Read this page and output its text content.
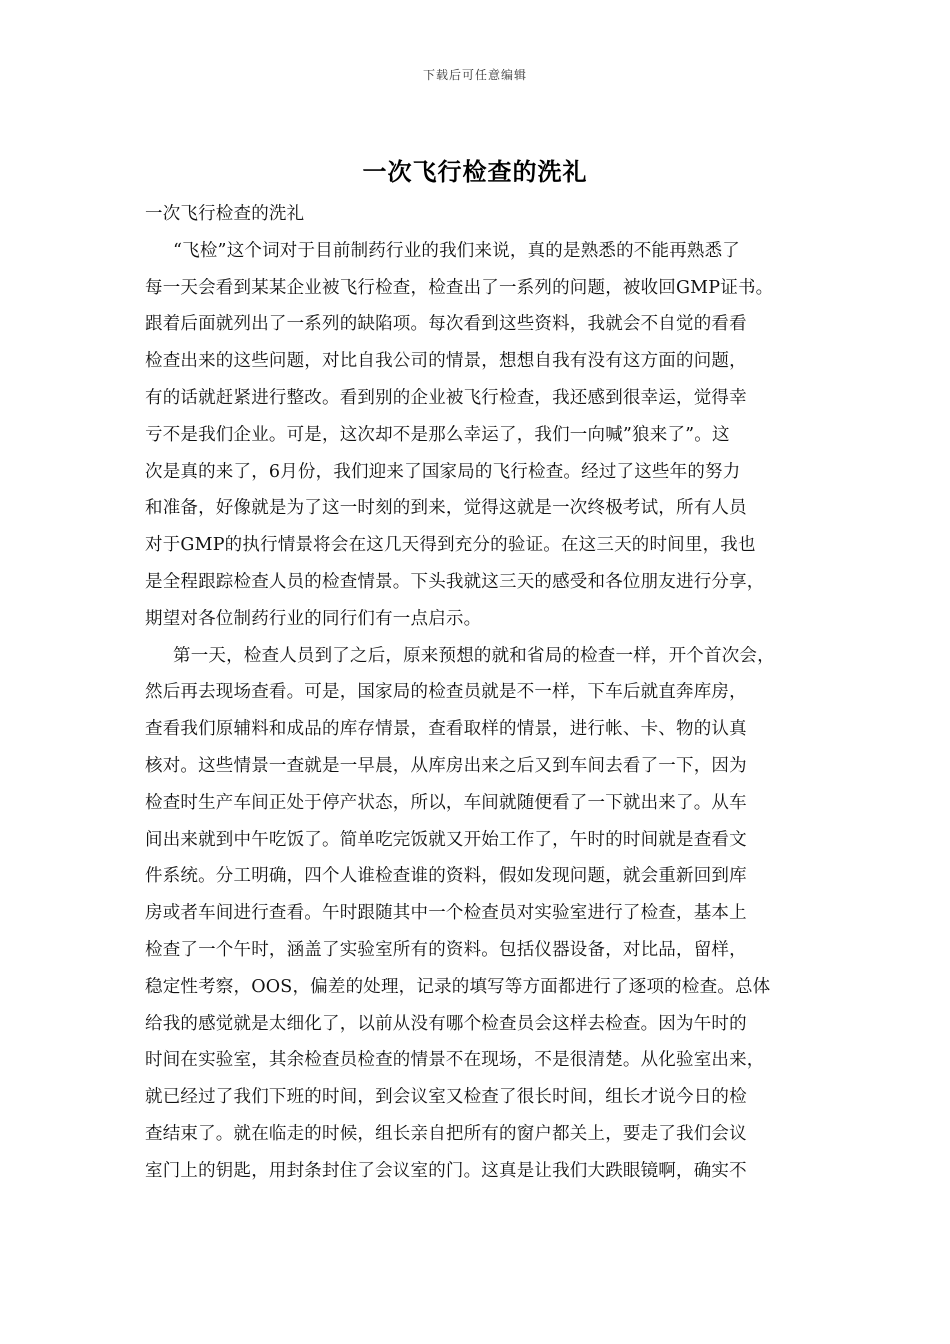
下载后可任意编辑
一次飞行检查的洗礼
一次飞行检查的洗礼
“飞检”这个词对于目前制药行业的我们来说，真的是熟悉的不能再熟悉了
每一天会看到某某企业被飞行检查，检查出了一系列的问题，被收回GMP证书。
跟着后面就列出了一系列的缺陷项。每次看到这些资料，我就会不自觉的看看
检查出来的这些问题，对比自我公司的情景，想想自我有没有这方面的问题，
有的话就赶紧进行整改。看到别的企业被飞行检查，我还感到很幸运，觉得幸
亏不是我们企业。可是，这次却不是那么幸运了，我们一向喊”狼来了”。这
次是真的来了，6月份，我们迎来了国家局的飞行检查。经过了这些年的努力
和准备，好像就是为了这一时刻的到来，觉得这就是一次终极考试，所有人员
对于GMP的执行情景将会在这几天得到充分的验证。在这三天的时间里，我也
是全程跟踪检查人员的检查情景。下头我就这三天的感受和各位朋友进行分享，
期望对各位制药行业的同行们有一点启示。
第一天，检查人员到了之后，原来预想的就和省局的检查一样，开个首次会，
然后再去现场查看。可是，国家局的检查员就是不一样，下车后就直奔库房，
查看我们原辅料和成品的库存情景，查看取样的情景，进行帐、卡、物的认真
核对。这些情景一查就是一早晨，从库房出来之后又到车间去看了一下，因为
检查时生产车间正处于停产状态，所以，车间就随便看了一下就出来了。从车
间出来就到中午吃饭了。简单吃完饭就又开始工作了，午时的时间就是查看文
件系统。分工明确，四个人谁检查谁的资料，假如发现问题，就会重新回到库
房或者车间进行查看。午时跟随其中一个检查员对实验室进行了检查，基本上
检查了一个午时，涵盖了实验室所有的资料。包括仪器设备，对比品，留样，
稳定性考察，OOS，偏差的处理，记录的填写等方面都进行了逐项的检查。总体
给我的感觉就是太细化了，以前从没有哪个检查员会这样去检查。因为午时的
时间在实验室，其余检查员检查的情景不在现场，不是很清楚。从化验室出来，
就已经过了我们下班的时间，到会议室又检查了很长时间，组长才说今日的检
查结束了。就在临走的时候，组长亲自把所有的窗户都关上，要走了我们会议
室门上的钥匙，用封条封住了会议室的门。这真是让我们大跌眼镜啊，确实不
